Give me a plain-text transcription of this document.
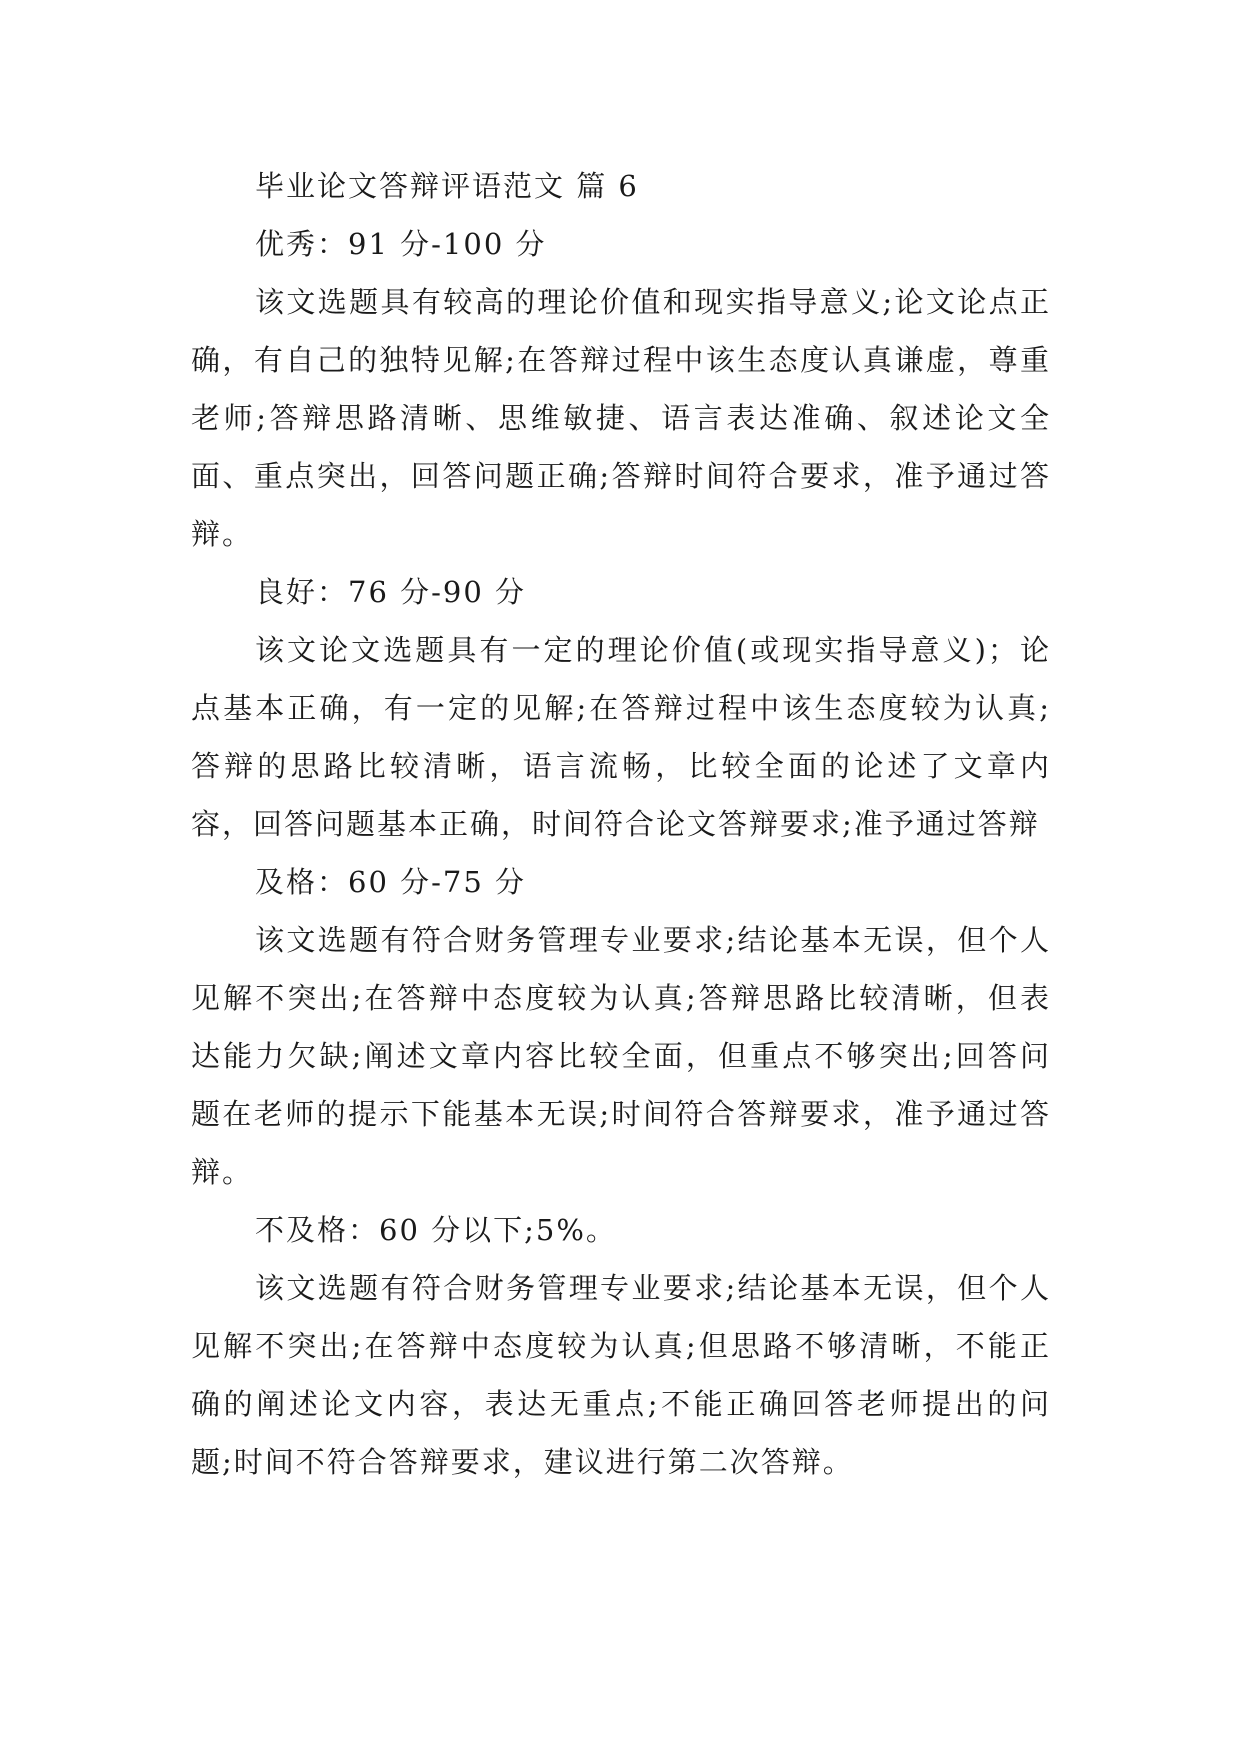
毕业论文答辩评语范文 篇 6

优秀：91 分-100 分

该文选题具有较高的理论价值和现实指导意义;论文论点正确，有自己的独特见解;在答辩过程中该生态度认真谦虚，尊重老师;答辩思路清晰、思维敏捷、语言表达准确、叙述论文全面、重点突出，回答问题正确;答辩时间符合要求，准予通过答辩。

良好：76 分-90 分

该文论文选题具有一定的理论价值(或现实指导意义)；论点基本正确，有一定的见解;在答辩过程中该生态度较为认真;答辩的思路比较清晰，语言流畅，比较全面的论述了文章内容，回答问题基本正确，时间符合论文答辩要求;准予通过答辩

及格：60 分-75 分

该文选题有符合财务管理专业要求;结论基本无误，但个人见解不突出;在答辩中态度较为认真;答辩思路比较清晰，但表达能力欠缺;阐述文章内容比较全面，但重点不够突出;回答问题在老师的提示下能基本无误;时间符合答辩要求，准予通过答辩。

不及格：60 分以下;5%。

该文选题有符合财务管理专业要求;结论基本无误，但个人见解不突出;在答辩中态度较为认真;但思路不够清晰，不能正确的阐述论文内容，表达无重点;不能正确回答老师提出的问题;时间不符合答辩要求，建议进行第二次答辩。
